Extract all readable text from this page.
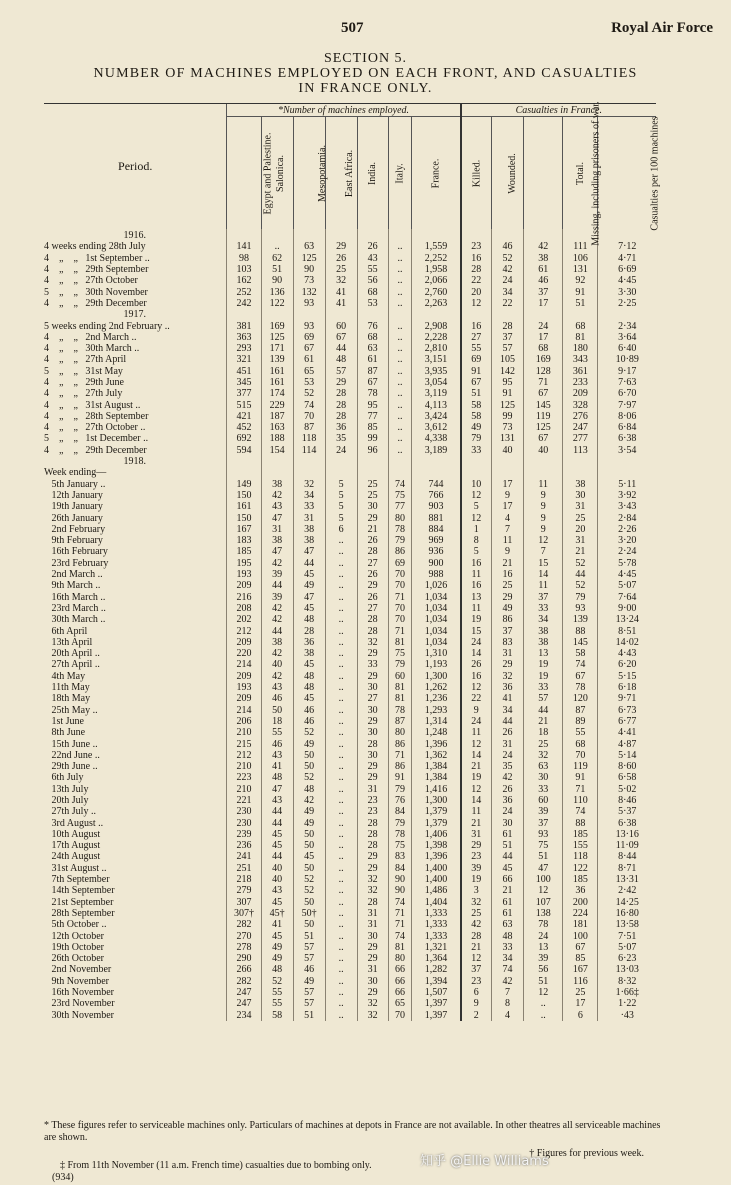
507	Royal Air Force
SECTION 5.
NUMBER OF MACHINES EMPLOYED ON EACH FRONT, AND CASUALTIES
IN FRANCE ONLY.
Period.	*Number of machines employed.							Casualties in France.				
	Egypt and Palestine.	Salonica.	Mesopotamia.	East Africa.	India.	Italy.	France.	Killed.	Wounded.	Missing, including prisoners of war.	Total.	Casualties per 100 machines
1916.												
4 weeks ending 28th July	141	..	63	29	26	..	1,559	23	46	42	111	7·12
4    „    „   1st September ..	98	62	125	26	43	..	2,252	16	52	38	106	4·71
4    „    „   29th September	103	51	90	25	55	..	1,958	28	42	61	131	6·69
4    „    „   27th October	162	90	73	32	56	..	2,066	22	24	46	92	4·45
5    „    „   30th November	252	136	132	41	68	..	2,760	20	34	37	91	3·30
4    „    „   29th December	242	122	93	41	53	..	2,263	12	22	17	51	2·25
1917.												
5 weeks ending 2nd February ..	381	169	93	60	76	..	2,908	16	28	24	68	2·34
4    „    „   2nd March ..	363	125	69	67	68	..	2,228	27	37	17	81	3·64
4    „    „   30th March ..	293	171	67	44	63	..	2,810	55	57	68	180	6·40
4    „    „   27th April	321	139	61	48	61	..	3,151	69	105	169	343	10·89
5    „    „   31st May	451	161	65	57	87	..	3,935	91	142	128	361	9·17
4    „    „   29th June	345	161	53	29	67	..	3,054	67	95	71	233	7·63
4    „    „   27th July	377	174	52	28	78	..	3,119	51	91	67	209	6·70
4    „    „   31st August ..	515	229	74	28	95	..	4,113	58	125	145	328	7·97
4    „    „   28th September	421	187	70	28	77	..	3,424	58	99	119	276	8·06
4    „    „   27th October ..	452	163	87	36	85	..	3,612	49	73	125	247	6·84
5    „    „   1st December ..	692	188	118	35	99	..	4,338	79	131	67	277	6·38
4    „    „   29th December	594	154	114	24	96	..	3,189	33	40	40	113	3·54
1918.												
Week ending—												
5th January ..	149	38	32	5	25	74	744	10	17	11	38	5·11
12th January	150	42	34	5	25	75	766	12	9	9	30	3·92
19th January	161	43	33	5	30	77	903	5	17	9	31	3·43
26th January	150	47	31	5	29	80	881	12	4	9	25	2·84
2nd February	167	31	38	6	21	78	884	1	7	9	20	2·26
9th February	183	38	38	..	26	79	969	8	11	12	31	3·20
16th February	185	47	47	..	28	86	936	5	9	7	21	2·24
23rd February	195	42	44	..	27	69	900	16	21	15	52	5·78
2nd March ..	193	39	45	..	26	70	988	11	16	14	44	4·45
9th March ..	209	44	49	..	29	70	1,026	16	25	11	52	5·07
16th March ..	216	39	47	..	26	71	1,034	13	29	37	79	7·64
23rd March ..	208	42	45	..	27	70	1,034	11	49	33	93	9·00
30th March ..	202	42	48	..	28	70	1,034	19	86	34	139	13·24
6th April	212	44	28	..	28	71	1,034	15	37	38	88	8·51
13th April	209	38	36	..	32	81	1,034	24	83	38	145	14·02
20th April ..	220	42	38	..	29	75	1,310	14	31	13	58	4·43
27th April ..	214	40	45	..	33	79	1,193	26	29	19	74	6·20
4th May	209	42	48	..	29	60	1,300	16	32	19	67	5·15
11th May	193	43	48	..	30	81	1,262	12	36	33	78	6·18
18th May	209	46	45	..	27	81	1,236	22	41	57	120	9·71
25th May ..	214	50	46	..	30	78	1,293	9	34	44	87	6·73
1st June	206	18	46	..	29	87	1,314	24	44	21	89	6·77
8th June	210	55	52	..	30	80	1,248	11	26	18	55	4·41
15th June ..	215	46	49	..	28	86	1,396	12	31	25	68	4·87
22nd June ..	212	43	50	..	30	71	1,362	14	24	32	70	5·14
29th June ..	210	41	50	..	29	86	1,384	21	35	63	119	8·60
6th July	223	48	52	..	29	91	1,384	19	42	30	91	6·58
13th July	210	47	48	..	31	79	1,416	12	26	33	71	5·02
20th July	221	43	42	..	23	76	1,300	14	36	60	110	8·46
27th July ..	230	44	49	..	23	84	1,379	11	24	39	74	5·37
3rd August ..	230	44	49	..	28	79	1,379	21	30	37	88	6·38
10th August	239	45	50	..	28	78	1,406	31	61	93	185	13·16
17th August	236	45	50	..	28	75	1,398	29	51	75	155	11·09
24th August	241	44	45	..	29	83	1,396	23	44	51	118	8·44
31st August ..	251	40	50	..	29	84	1,400	39	45	47	122	8·71
7th September	218	40	52	..	32	90	1,400	19	66	100	185	13·31
14th September	279	43	52	..	32	90	1,486	3	21	12	36	2·42
21st September	307	45	50	..	28	74	1,404	32	61	107	200	14·25
28th September	307†	45†	50†	..	31	71	1,333	25	61	138	224	16·80
5th October ..	282	41	50	..	31	71	1,333	42	63	78	181	13·58
12th October	270	45	51	..	30	74	1,333	28	48	24	100	7·51
19th October	278	49	57	..	29	81	1,321	21	33	13	67	5·07
26th October	290	49	57	..	29	80	1,364	12	34	39	85	6·23
2nd November	266	48	46	..	31	66	1,282	37	74	56	167	13·03
9th November	282	52	49	..	30	66	1,394	23	42	51	116	8·32
16th November	247	55	57	..	29	66	1,507	6	7	12	25	1·66‡
23rd November	247	55	57	..	32	65	1,397	9	8	..	17	1·22
30th November	234	58	51	..	32	70	1,397	2	4	..	6	·43
* These figures refer to serviceable machines only. Particulars of machines at depots in France are not available. In other theatres all serviceable machines are shown.
† Figures for previous week.
‡ From 11th November (11 a.m. French time) casualties due to bombing only.
(934)
知乎 @Ellie Williams
